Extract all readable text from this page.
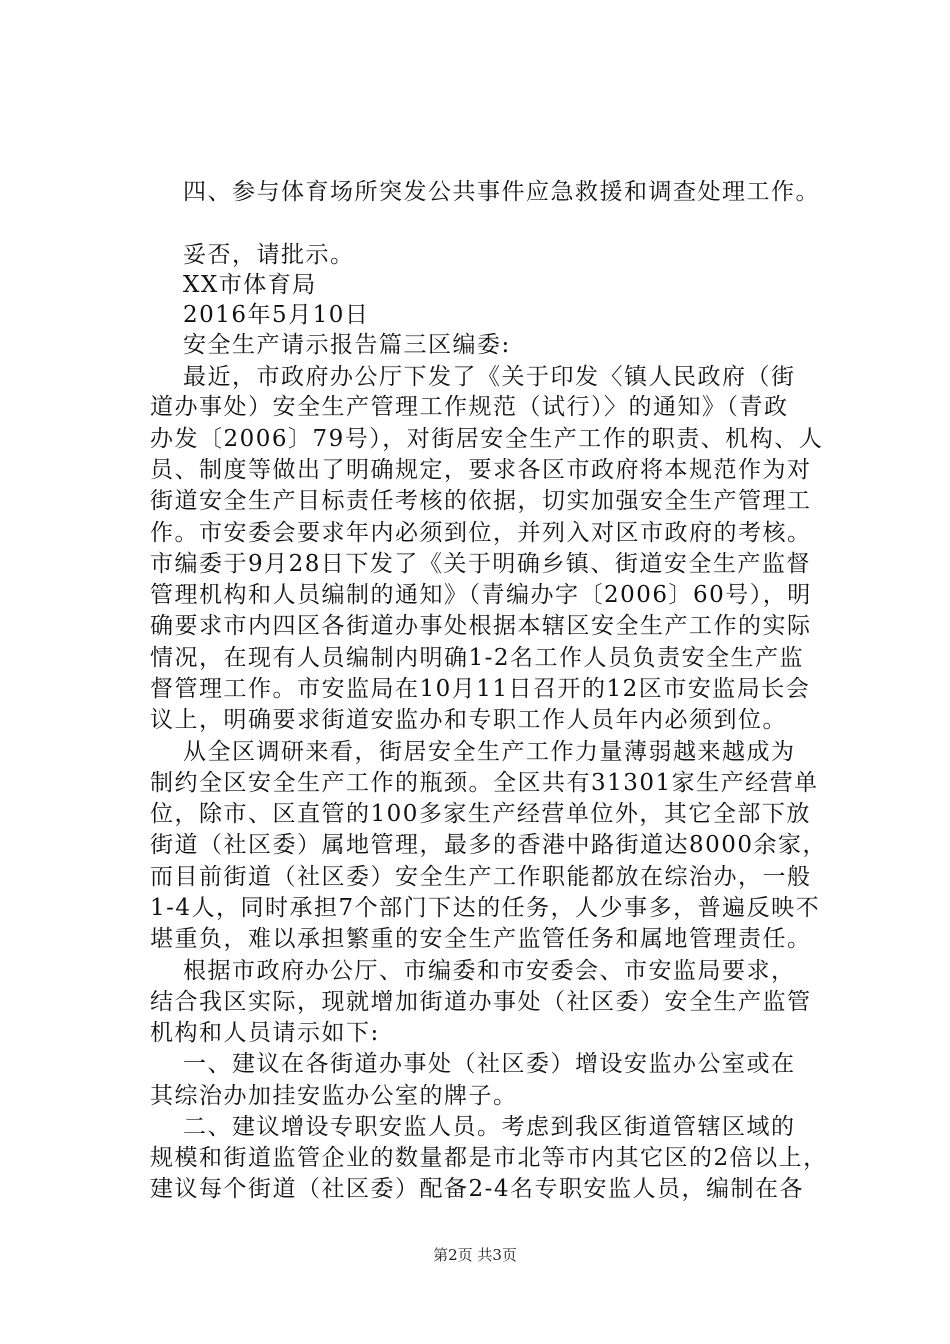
四、参与体育场所突发公共事件应急救援和调查处理工作。
妥否，请批示。
XX市体育局
2016年5月10日
安全生产请示报告篇三区编委:
最近，市政府办公厅下发了《关于印发〈镇人民政府（街
道办事处）安全生产管理工作规范（试行）〉的通知》（青政
办发〔2006〕79号），对街居安全生产工作的职责、机构、人
员、制度等做出了明确规定，要求各区市政府将本规范作为对
街道安全生产目标责任考核的依据，切实加强安全生产管理工
作。市安委会要求年内必须到位，并列入对区市政府的考核。
市编委于9月28日下发了《关于明确乡镇、街道安全生产监督
管理机构和人员编制的通知》（青编办字〔2006〕60号），明
确要求市内四区各街道办事处根据本辖区安全生产工作的实际
情况，在现有人员编制内明确1-2名工作人员负责安全生产监
督管理工作。市安监局在10月11日召开的12区市安监局长会
议上，明确要求街道安监办和专职工作人员年内必须到位。
从全区调研来看，街居安全生产工作力量薄弱越来越成为
制约全区安全生产工作的瓶颈。全区共有31301家生产经营单
位，除市、区直管的100多家生产经营单位外，其它全部下放
街道（社区委）属地管理，最多的香港中路街道达8000余家，
而目前街道（社区委）安全生产工作职能都放在综治办，一般
1-4人，同时承担7个部门下达的任务，人少事多，普遍反映不
堪重负，难以承担繁重的安全生产监管任务和属地管理责任。
根据市政府办公厅、市编委和市安委会、市安监局要求，
结合我区实际，现就增加街道办事处（社区委）安全生产监管
机构和人员请示如下:
一、建议在各街道办事处（社区委）增设安监办公室或在
其综治办加挂安监办公室的牌子。
二、建议增设专职安监人员。考虑到我区街道管辖区域的
规模和街道监管企业的数量都是市北等市内其它区的2倍以上，
建议每个街道（社区委）配备2-4名专职安监人员，编制在各
第2页 共3页
